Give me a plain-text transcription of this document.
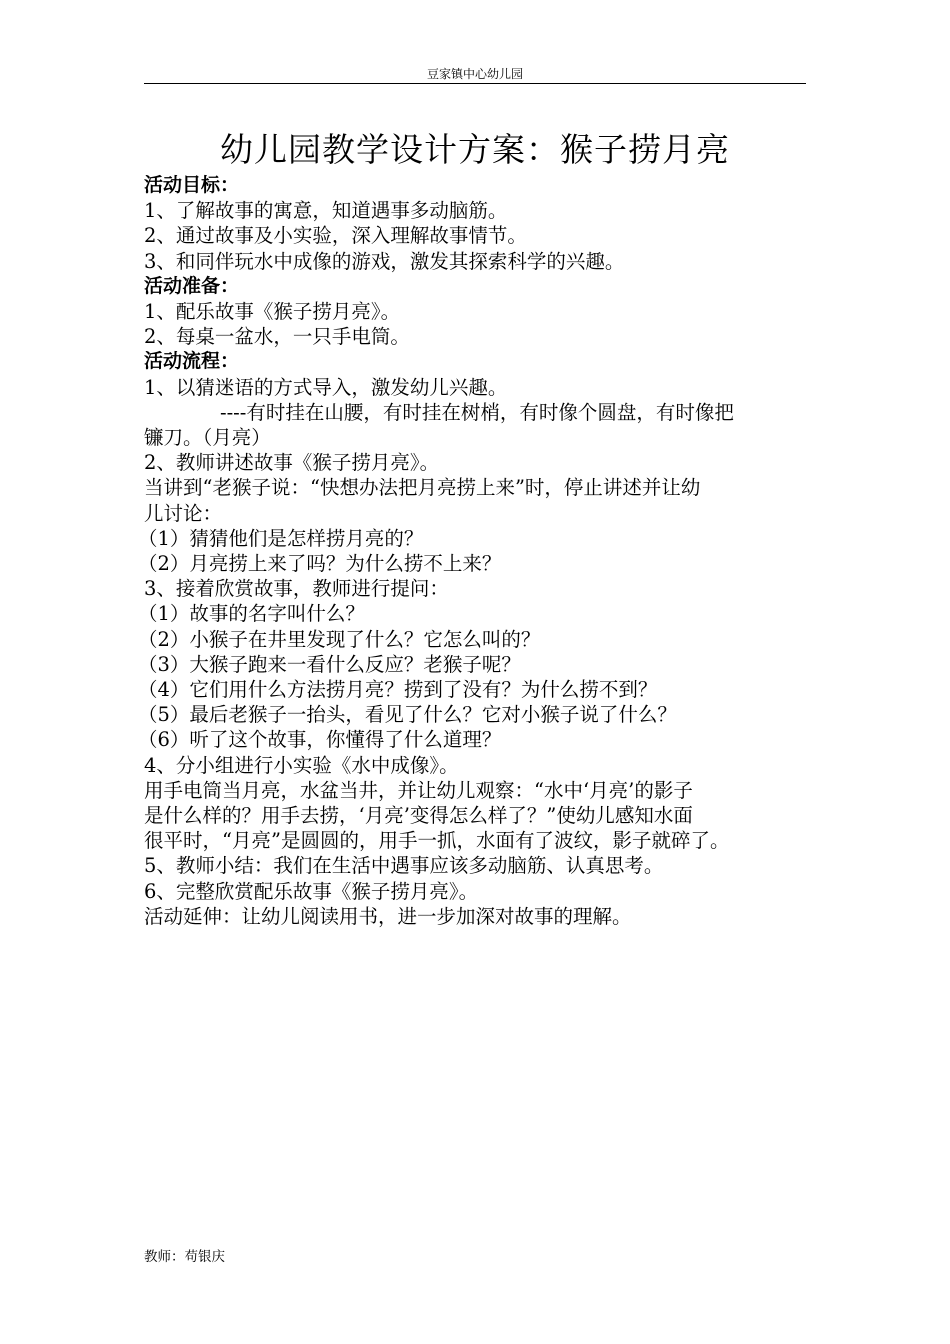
豆家镇中心幼儿园
幼儿园教学设计方案：猴子捞月亮
活动目标：
1、了解故事的寓意，知道遇事多动脑筋。
2、通过故事及小实验，深入理解故事情节。
3、和同伴玩水中成像的游戏，激发其探索科学的兴趣。
活动准备：
1、配乐故事《猴子捞月亮》。
2、每桌一盆水，一只手电筒。
活动流程：
1、以猜迷语的方式导入，激发幼儿兴趣。
----有时挂在山腰，有时挂在树梢，有时像个圆盘，有时像把
镰刀。（月亮）
2、教师讲述故事《猴子捞月亮》。
当讲到“老猴子说：“快想办法把月亮捞上来”时，停止讲述并让幼
儿讨论：
（1）猜猜他们是怎样捞月亮的？
（2）月亮捞上来了吗？为什么捞不上来？
3、接着欣赏故事，教师进行提问：
（1）故事的名字叫什么？
（2）小猴子在井里发现了什么？它怎么叫的？
（3）大猴子跑来一看什么反应？老猴子呢？
（4）它们用什么方法捞月亮？捞到了没有？为什么捞不到？
（5）最后老猴子一抬头，看见了什么？它对小猴子说了什么？
（6）听了这个故事，你懂得了什么道理？
4、分小组进行小实验《水中成像》。
用手电筒当月亮，水盆当井，并让幼儿观察：“水中‘月亮’的影子
是什么样的？用手去捞，‘月亮’变得怎么样了？”使幼儿感知水面
很平时，“月亮”是圆圆的，用手一抓，水面有了波纹，影子就碎了。
5、教师小结：我们在生活中遇事应该多动脑筋、认真思考。
6、完整欣赏配乐故事《猴子捞月亮》。
活动延伸：让幼儿阅读用书，进一步加深对故事的理解。
教师：苟银庆
